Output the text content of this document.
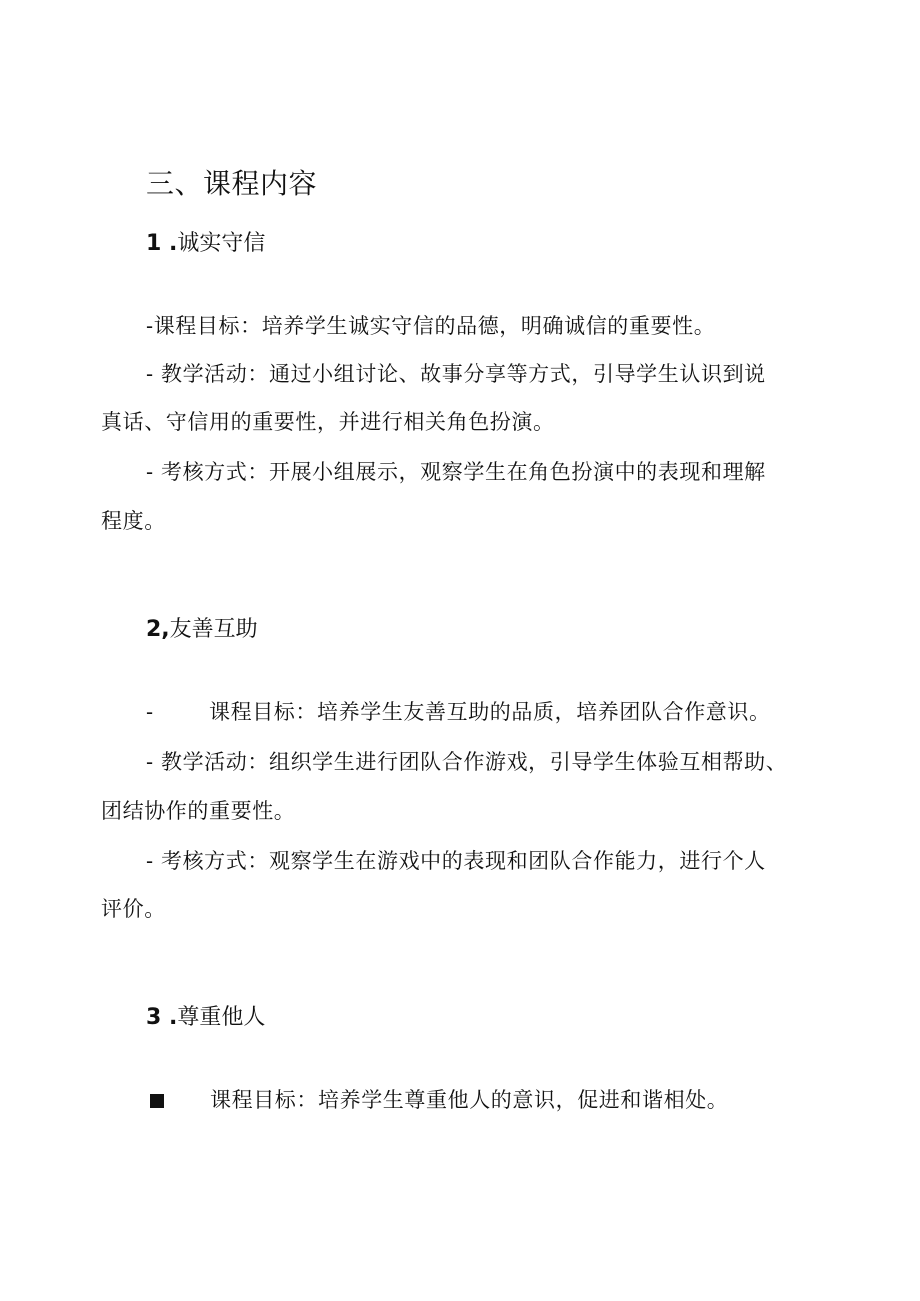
三、课程内容
1 .诚实守信
-课程目标：培养学生诚实守信的品德，明确诚信的重要性。
- 教学活动：通过小组讨论、故事分享等方式，引导学生认识到说
真话、守信用的重要性，并进行相关角色扮演。
- 考核方式：开展小组展示，观察学生在角色扮演中的表现和理解
程度。
2,友善互助
-	课程目标：培养学生友善互助的品质，培养团队合作意识。
- 教学活动：组织学生进行团队合作游戏，引导学生体验互相帮助、
团结协作的重要性。
- 考核方式：观察学生在游戏中的表现和团队合作能力，进行个人
评价。
3 .尊重他人
课程目标：培养学生尊重他人的意识，促进和谐相处。
